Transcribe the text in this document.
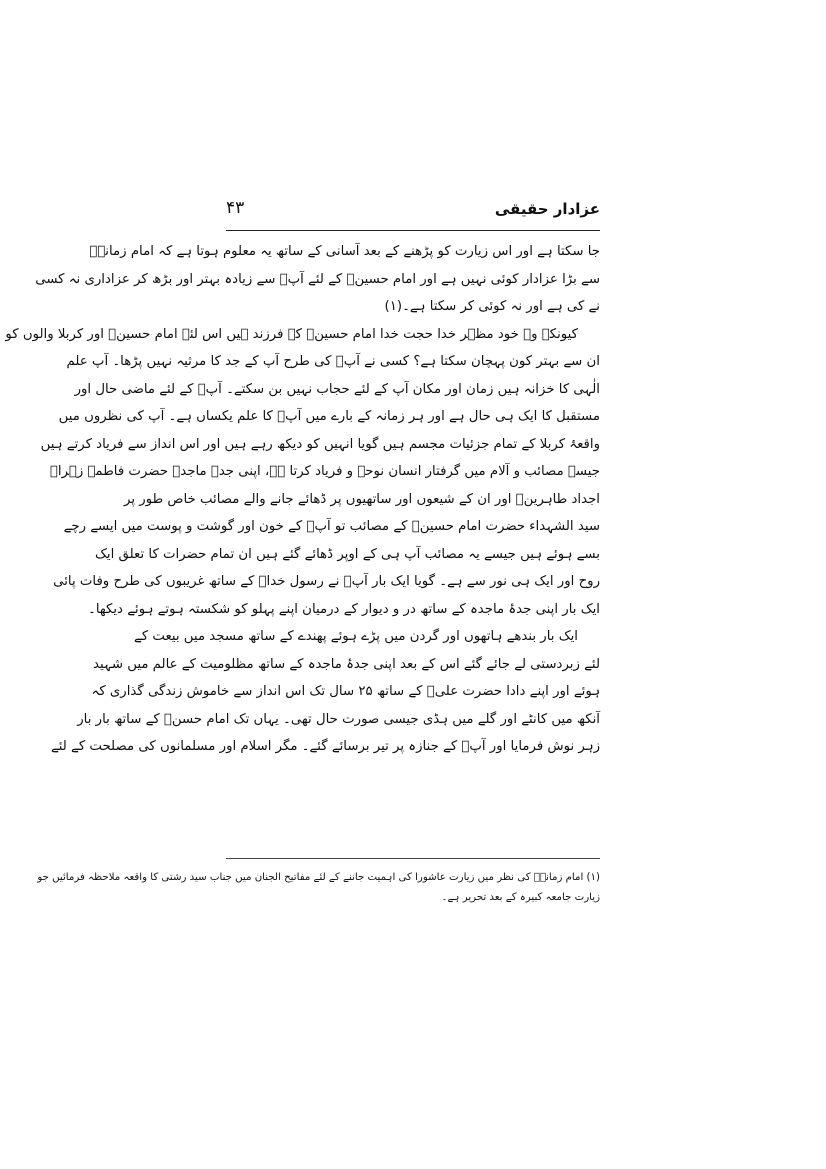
عزادار حقیقی
۴۳
جا سکتا ہے اور اس زیارت کو پڑھنے کے بعد آسانی کے ساتھ یہ معلوم ہوتا ہے کہ امام زمانہؑ
سے بڑا عزادار کوئی نہیں ہے اور امام حسینؑ کے لئے آپؑ سے زیادہ بہتر اور بڑھ کر عزاداری نہ کسی
نے کی ہے اور نہ کوئی کر سکتا ہے۔(۱)
کیونکہ وہ خود مظہر خدا حجت خدا امام حسینؑ کے فرزند ہیں اس لئے امام حسینؑ اور کربلا والوں کو
ان سے بہتر کون پہچان سکتا ہے؟ کسی نے آپؑ کی طرح آپ کے جد کا مرثیہ نہیں پڑھا۔ آپ علم
الٰہی کا خزانہ ہیں زمان اور مکان آپ کے لئے حجاب نہیں بن سکتے۔ آپؑ کے لئے ماضی حال اور
مستقبل کا ایک ہی حال ہے اور ہر زمانہ کے بارے میں آپؑ کا علم یکساں ہے۔ آپ کی نظروں میں
واقعۂ کربلا کے تمام جزئیات مجسم ہیں گویا انہیں کو دیکھ رہے ہیں اور اس انداز سے فریاد کرتے ہیں
جیسے مصائب و آلام میں گرفتار انسان نوحہ و فریاد کرتا ہے، اپنی جدۂ ماجدہ حضرت فاطمہ زہراؑ
اجداد طاہرینؑ اور ان کے شیعوں اور ساتھیوں پر ڈھائے جانے والے مصائب خاص طور پر
سید الشہداء حضرت امام حسینؑ کے مصائب تو آپؑ کے خون اور گوشت و پوست میں ایسے رچے
بسے ہوئے ہیں جیسے یہ مصائب آپ ہی کے اوپر ڈھائے گئے ہیں ان تمام حضرات کا تعلق ایک
روح اور ایک ہی نور سے ہے۔ گویا ایک بار آپؑ نے رسول خداؐ کے ساتھ غریبوں کی طرح وفات پائی
ایک بار اپنی جدۂ ماجدہ کے ساتھ در و دیوار کے درمیان اپنے پہلو کو شکستہ ہوتے ہوئے دیکھا۔
ایک بار بندھے ہاتھوں اور گردن میں پڑے ہوئے پھندے کے ساتھ مسجد میں بیعت کے
لئے زبردستی لے جائے گئے اس کے بعد اپنی جدۂ ماجدہ کے ساتھ مظلومیت کے عالم میں شہید
ہوئے اور اپنے دادا حضرت علیؑ کے ساتھ ۲۵ سال تک اس انداز سے خاموش زندگی گذاری کہ
آنکھ میں کانٹے اور گلے میں ہڈی جیسی صورت حال تھی۔ یہاں تک امام حسنؑ کے ساتھ بار بار
زہر نوش فرمایا اور آپؑ کے جنازہ پر تیر برسائے گئے۔ مگر اسلام اور مسلمانوں کی مصلحت کے لئے
(۱) امام زمانہؑ کی نظر میں زیارت عاشورا کی اہمیت جاننے کے لئے مفاتیح الجنان میں جناب سید رشتی کا واقعہ ملاحظہ فرمائیں جو
زیارت جامعہ کبیرہ کے بعد تحریر ہے۔
